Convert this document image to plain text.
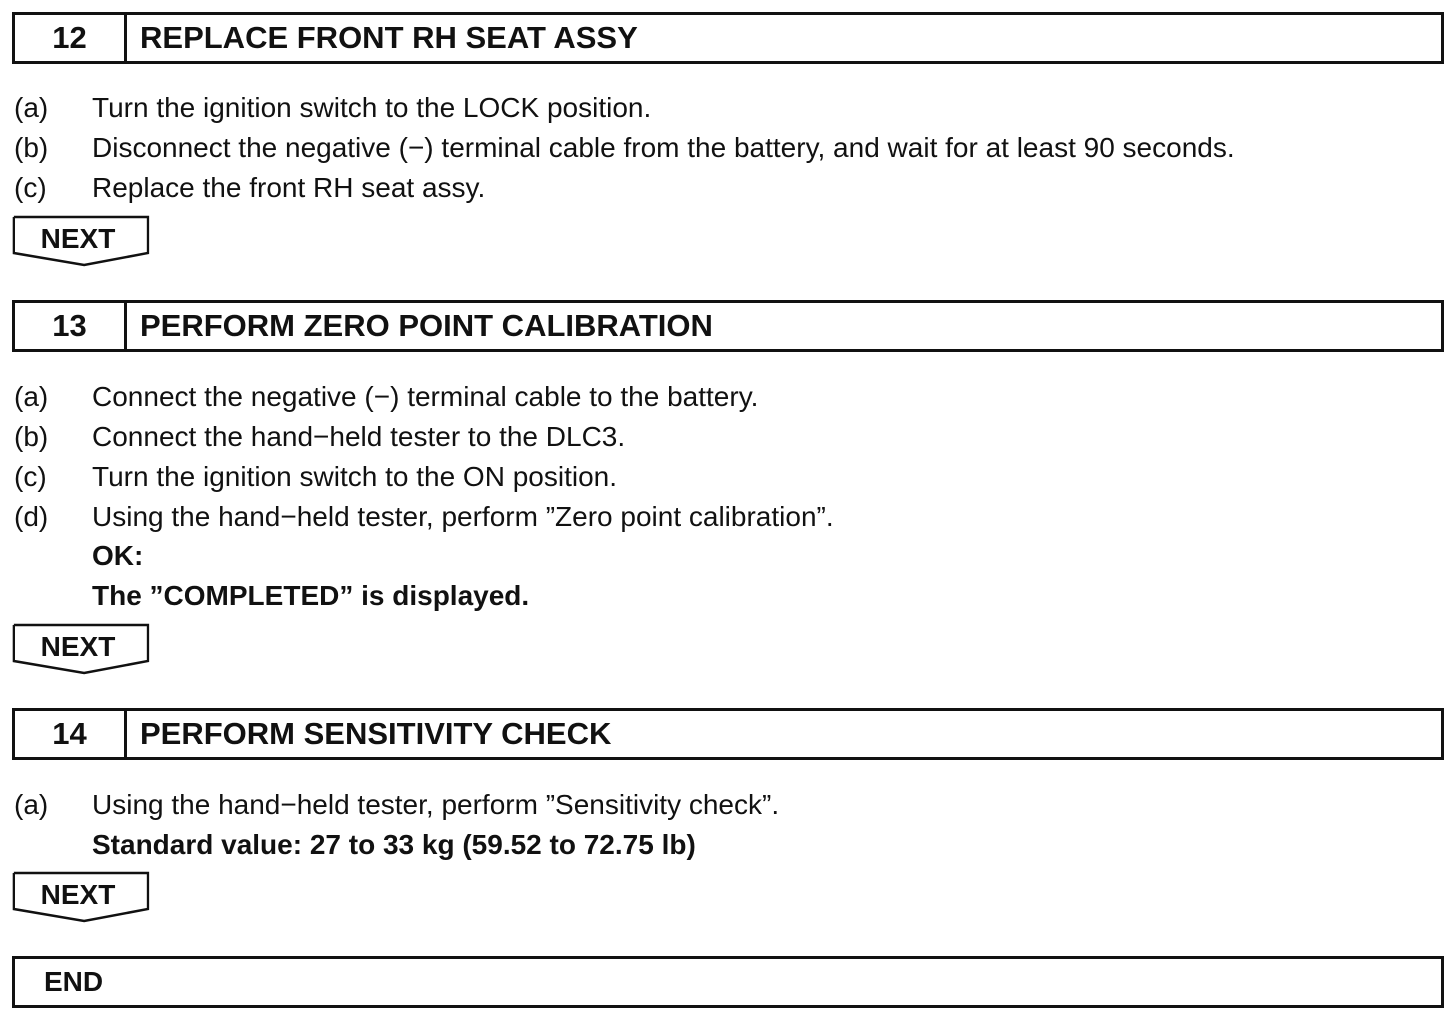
12	REPLACE FRONT RH SEAT ASSY
(a) Turn the ignition switch to the LOCK position.
(b) Disconnect the negative (−) terminal cable from the battery, and wait for at least 90 seconds.
(c) Replace the front RH seat assy.
NEXT
13	PERFORM ZERO POINT CALIBRATION
(a) Connect the negative (−) terminal cable to the battery.
(b) Connect the hand−held tester to the DLC3.
(c) Turn the ignition switch to the ON position.
(d) Using the hand−held tester, perform ”Zero point calibration”.
OK:
The ”COMPLETED” is displayed.
NEXT
14	PERFORM SENSITIVITY CHECK
(a) Using the hand−held tester, perform ”Sensitivity check”.
Standard value: 27 to 33 kg (59.52 to 72.75 lb)
NEXT
END
